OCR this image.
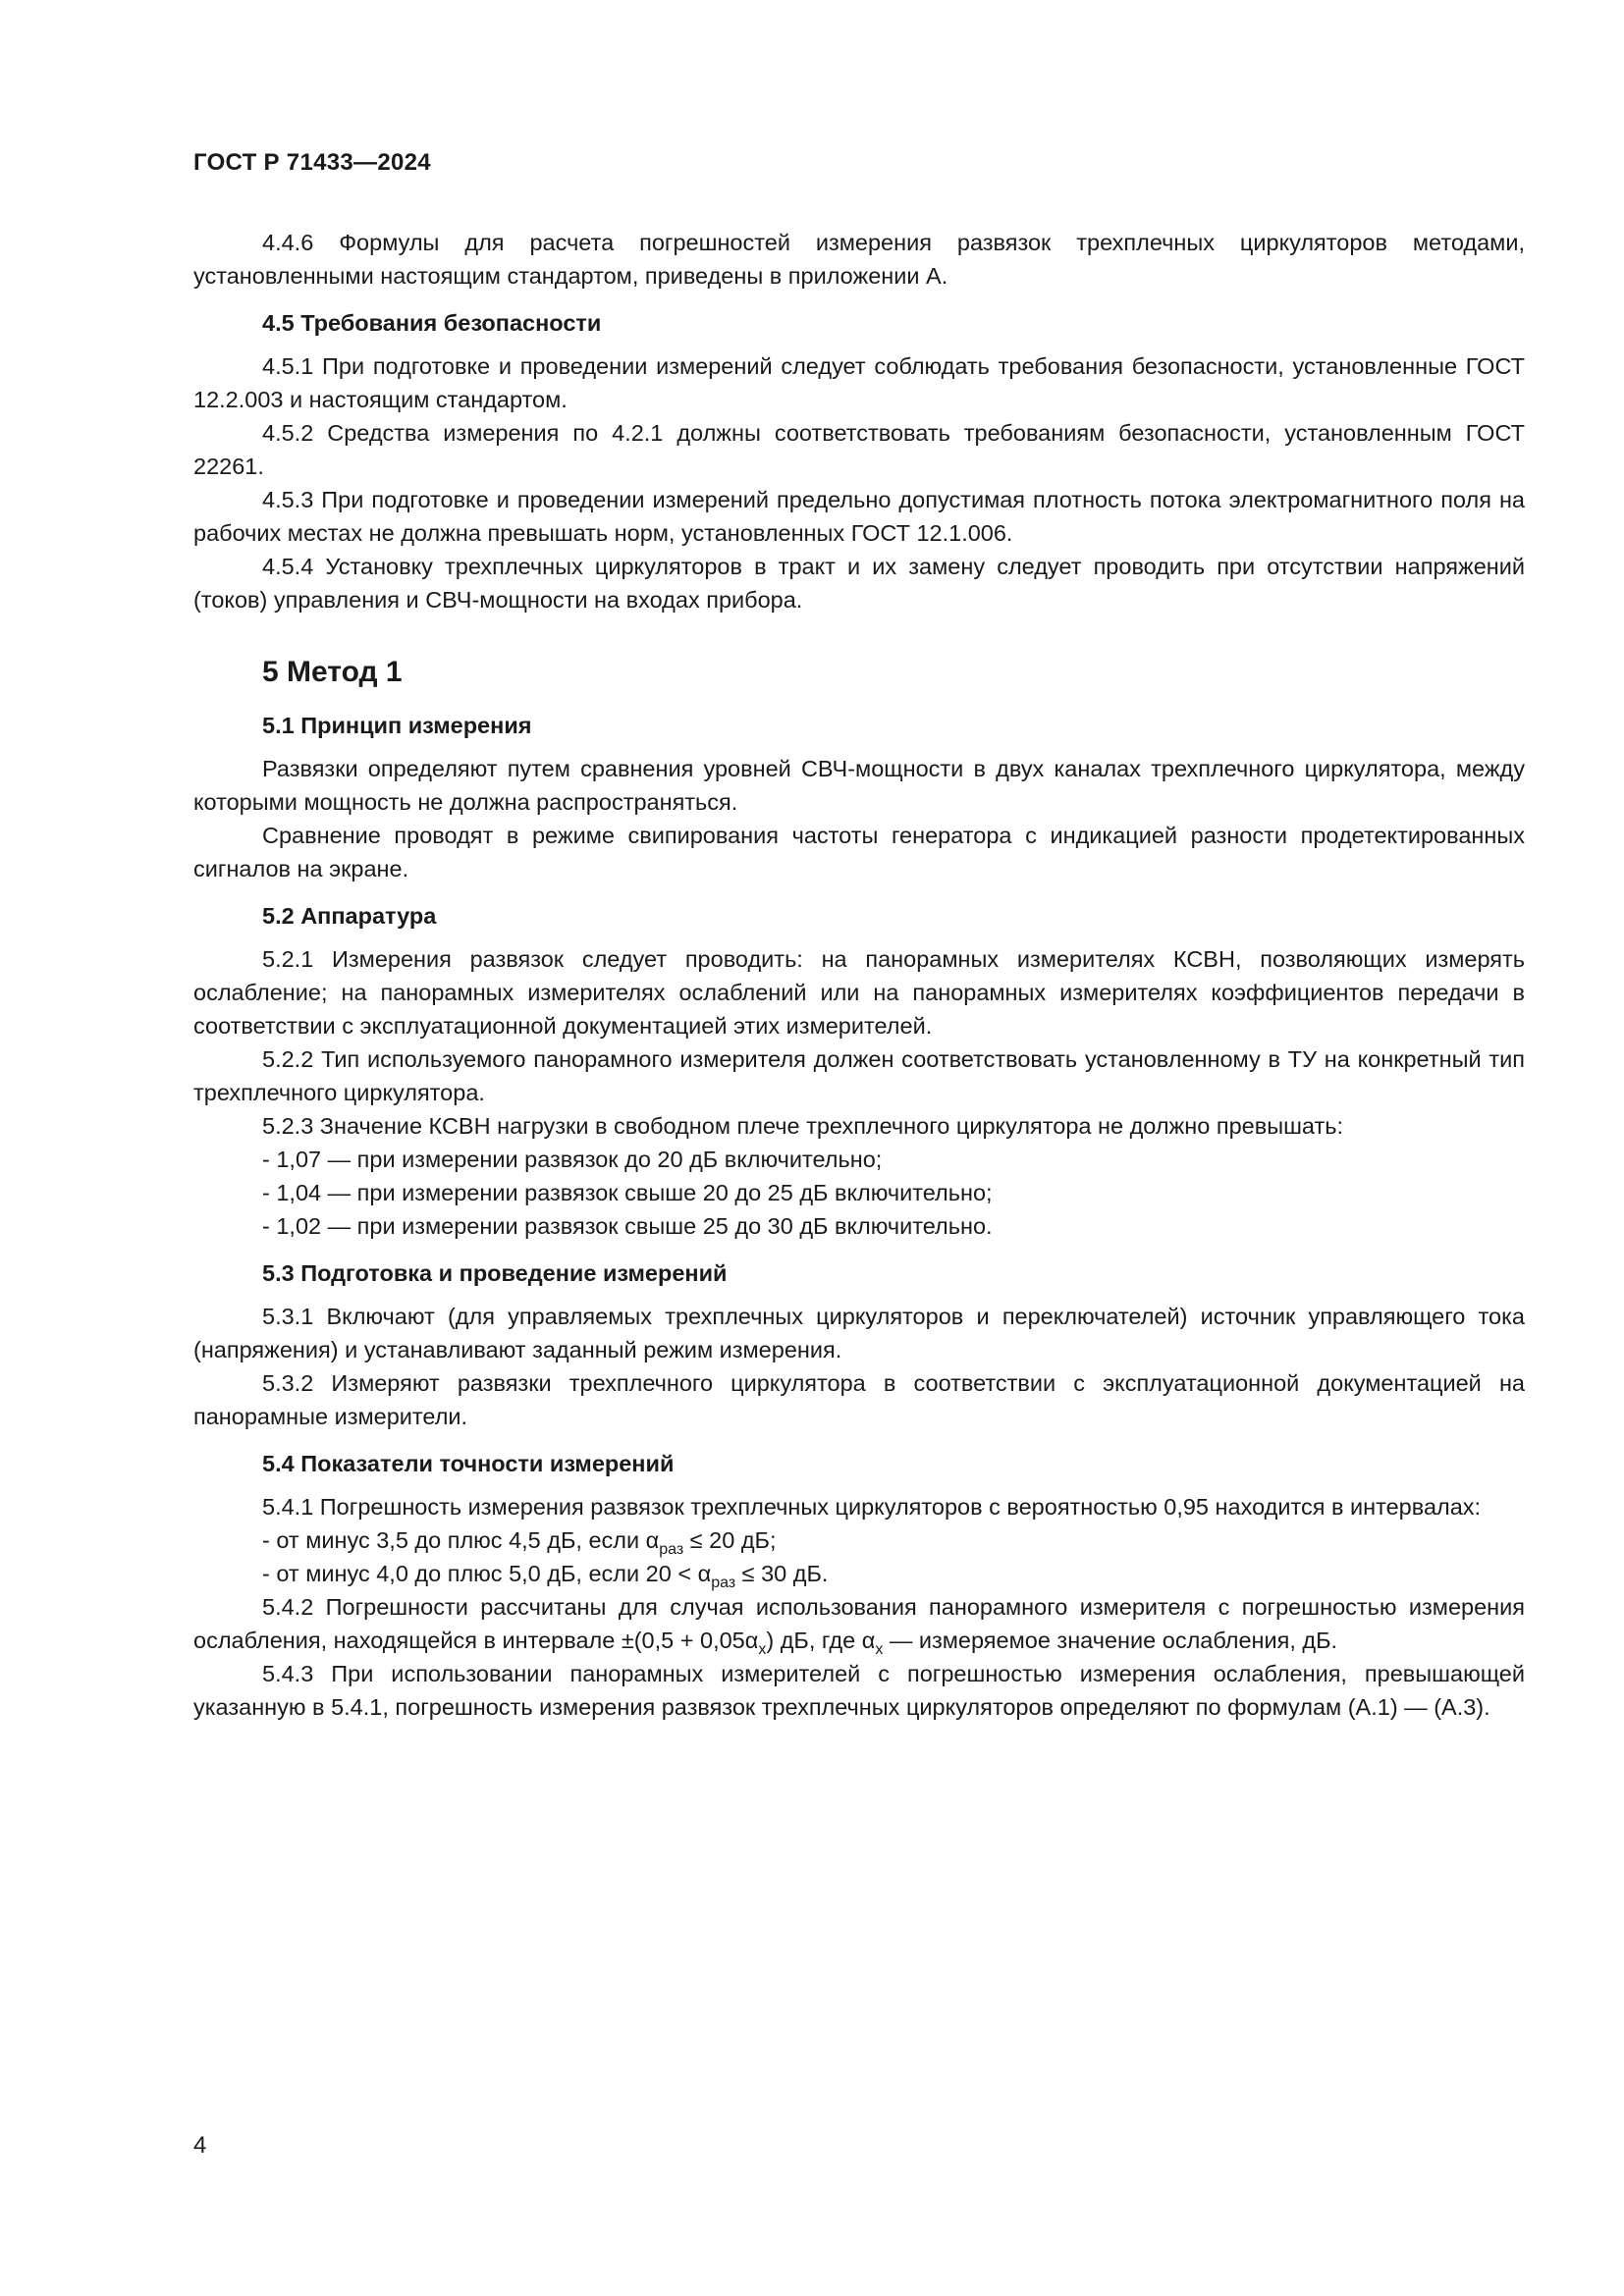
ГОСТ Р 71433—2024

4.4.6 Формулы для расчета погрешностей измерения развязок трехплечных циркуляторов методами, установленными настоящим стандартом, приведены в приложении А.

4.5 Требования безопасности

4.5.1 При подготовке и проведении измерений следует соблюдать требования безопасности, установленные ГОСТ 12.2.003 и настоящим стандартом.

4.5.2 Средства измерения по 4.2.1 должны соответствовать требованиям безопасности, установленным ГОСТ 22261.

4.5.3 При подготовке и проведении измерений предельно допустимая плотность потока электромагнитного поля на рабочих местах не должна превышать норм, установленных ГОСТ 12.1.006.

4.5.4 Установку трехплечных циркуляторов в тракт и их замену следует проводить при отсутствии напряжений (токов) управления и СВЧ-мощности на входах прибора.

5 Метод 1
5.1 Принцип измерения

Развязки определяют путем сравнения уровней СВЧ-мощности в двух каналах трехплечного циркулятора, между которыми мощность не должна распространяться.

Сравнение проводят в режиме свипирования частоты генератора с индикацией разности продетектированных сигналов на экране.

5.2 Аппаратура

5.2.1 Измерения развязок следует проводить: на панорамных измерителях КСВН, позволяющих измерять ослабление; на панорамных измерителях ослаблений или на панорамных измерителях коэффициентов передачи в соответствии с эксплуатационной документацией этих измерителей.

5.2.2 Тип используемого панорамного измерителя должен соответствовать установленному в ТУ на конкретный тип трехплечного циркулятора.

5.2.3 Значение КСВН нагрузки в свободном плече трехплечного циркулятора не должно превышать:

- 1,07 — при измерении развязок до 20 дБ включительно;
- 1,04 — при измерении развязок свыше 20 до 25 дБ включительно;
- 1,02 — при измерении развязок свыше 25 до 30 дБ включительно.
5.3 Подготовка и проведение измерений

5.3.1 Включают (для управляемых трехплечных циркуляторов и переключателей) источник управляющего тока (напряжения) и устанавливают заданный режим измерения.

5.3.2 Измеряют развязки трехплечного циркулятора в соответствии с эксплуатационной документацией на панорамные измерители.

5.4 Показатели точности измерений

5.4.1 Погрешность измерения развязок трехплечных циркуляторов с вероятностью 0,95 находится в интервалах:

- от минус 3,5 до плюс 4,5 дБ, если $\alpha_{раз} \le 20$ дБ;
- от минус 4,0 до плюс 5,0 дБ, если $20 < \alpha_{раз} \le 30$ дБ.

5.4.2 Погрешности рассчитаны для случая использования панорамного измерителя с погрешностью измерения ослабления, находящейся в интервале $\pm(0,5 + 0,05\alpha_x)$ дБ, где $\alpha_x$ — измеряемое значение ослабления, дБ.

5.4.3 При использовании панорамных измерителей с погрешностью измерения ослабления, превышающей указанную в 5.4.1, погрешность измерения развязок трехплечных циркуляторов определяют по формулам (А.1) — (А.3).

4
